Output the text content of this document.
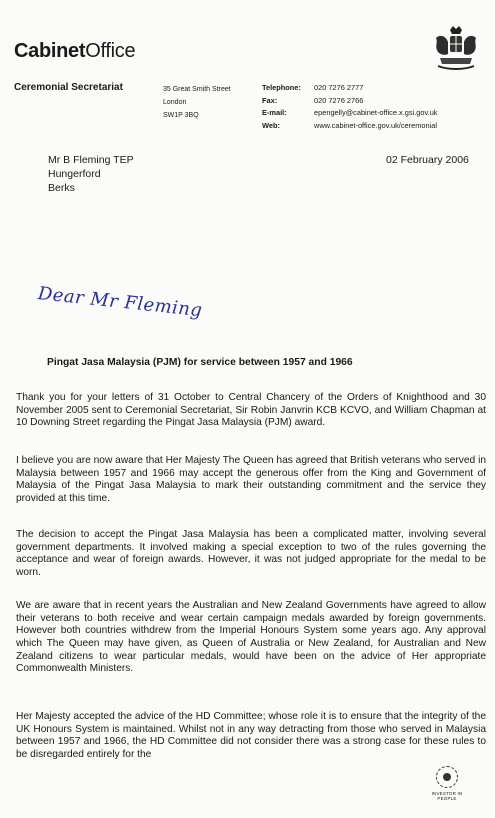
CabinetOffice
Ceremonial Secretariat	35 Great Smith Street
London
SW1P 3BQ
Telephone: 020 7276 2777
Fax:	020 7276 2766
E-mail:	epengelly@cabinet-office.x.gsi.gov.uk
Web:	www.cabinet-office.gov.uk/ceremonial
Mr B Fleming TEP
Hungerford
Berks
02 February 2006
Dear Mr Fleming
Pingat Jasa Malaysia (PJM) for service between 1957 and 1966

Thank you for your letters of 31 October to Central Chancery of the Orders of Knighthood and 30 November 2005 sent to Ceremonial Secretariat, Sir Robin Janvrin KCB KCVO, and William Chapman at 10 Downing Street regarding the Pingat Jasa Malaysia (PJM) award.

I believe you are now aware that Her Majesty The Queen has agreed that British veterans who served in Malaysia between 1957 and 1966 may accept the generous offer from the King and Government of Malaysia of the Pingat Jasa Malaysia to mark their outstanding commitment and the service they provided at this time.

The decision to accept the Pingat Jasa Malaysia has been a complicated matter, involving several government departments. It involved making a special exception to two of the rules governing the acceptance and wear of foreign awards. However, it was not judged appropriate for the medal to be worn.

We are aware that in recent years the Australian and New Zealand Governments have agreed to allow their veterans to both receive and wear certain campaign medals awarded by foreign governments. However both countries withdrew from the Imperial Honours System some years ago. Any approval which The Queen may have given, as Queen of Australia or New Zealand, for Australian and New Zealand citizens to wear particular medals, would have been on the advice of Her appropriate Commonwealth Ministers.

Her Majesty accepted the advice of the HD Committee; whose role it is to ensure that the integrity of the UK Honours System is maintained. Whilst not in any way detracting from those who served in Malaysia between 1957 and 1966, the HD Committee did not consider there was a strong case for these rules to be disregarded entirely for the

INVESTOR IN PEOPLE
